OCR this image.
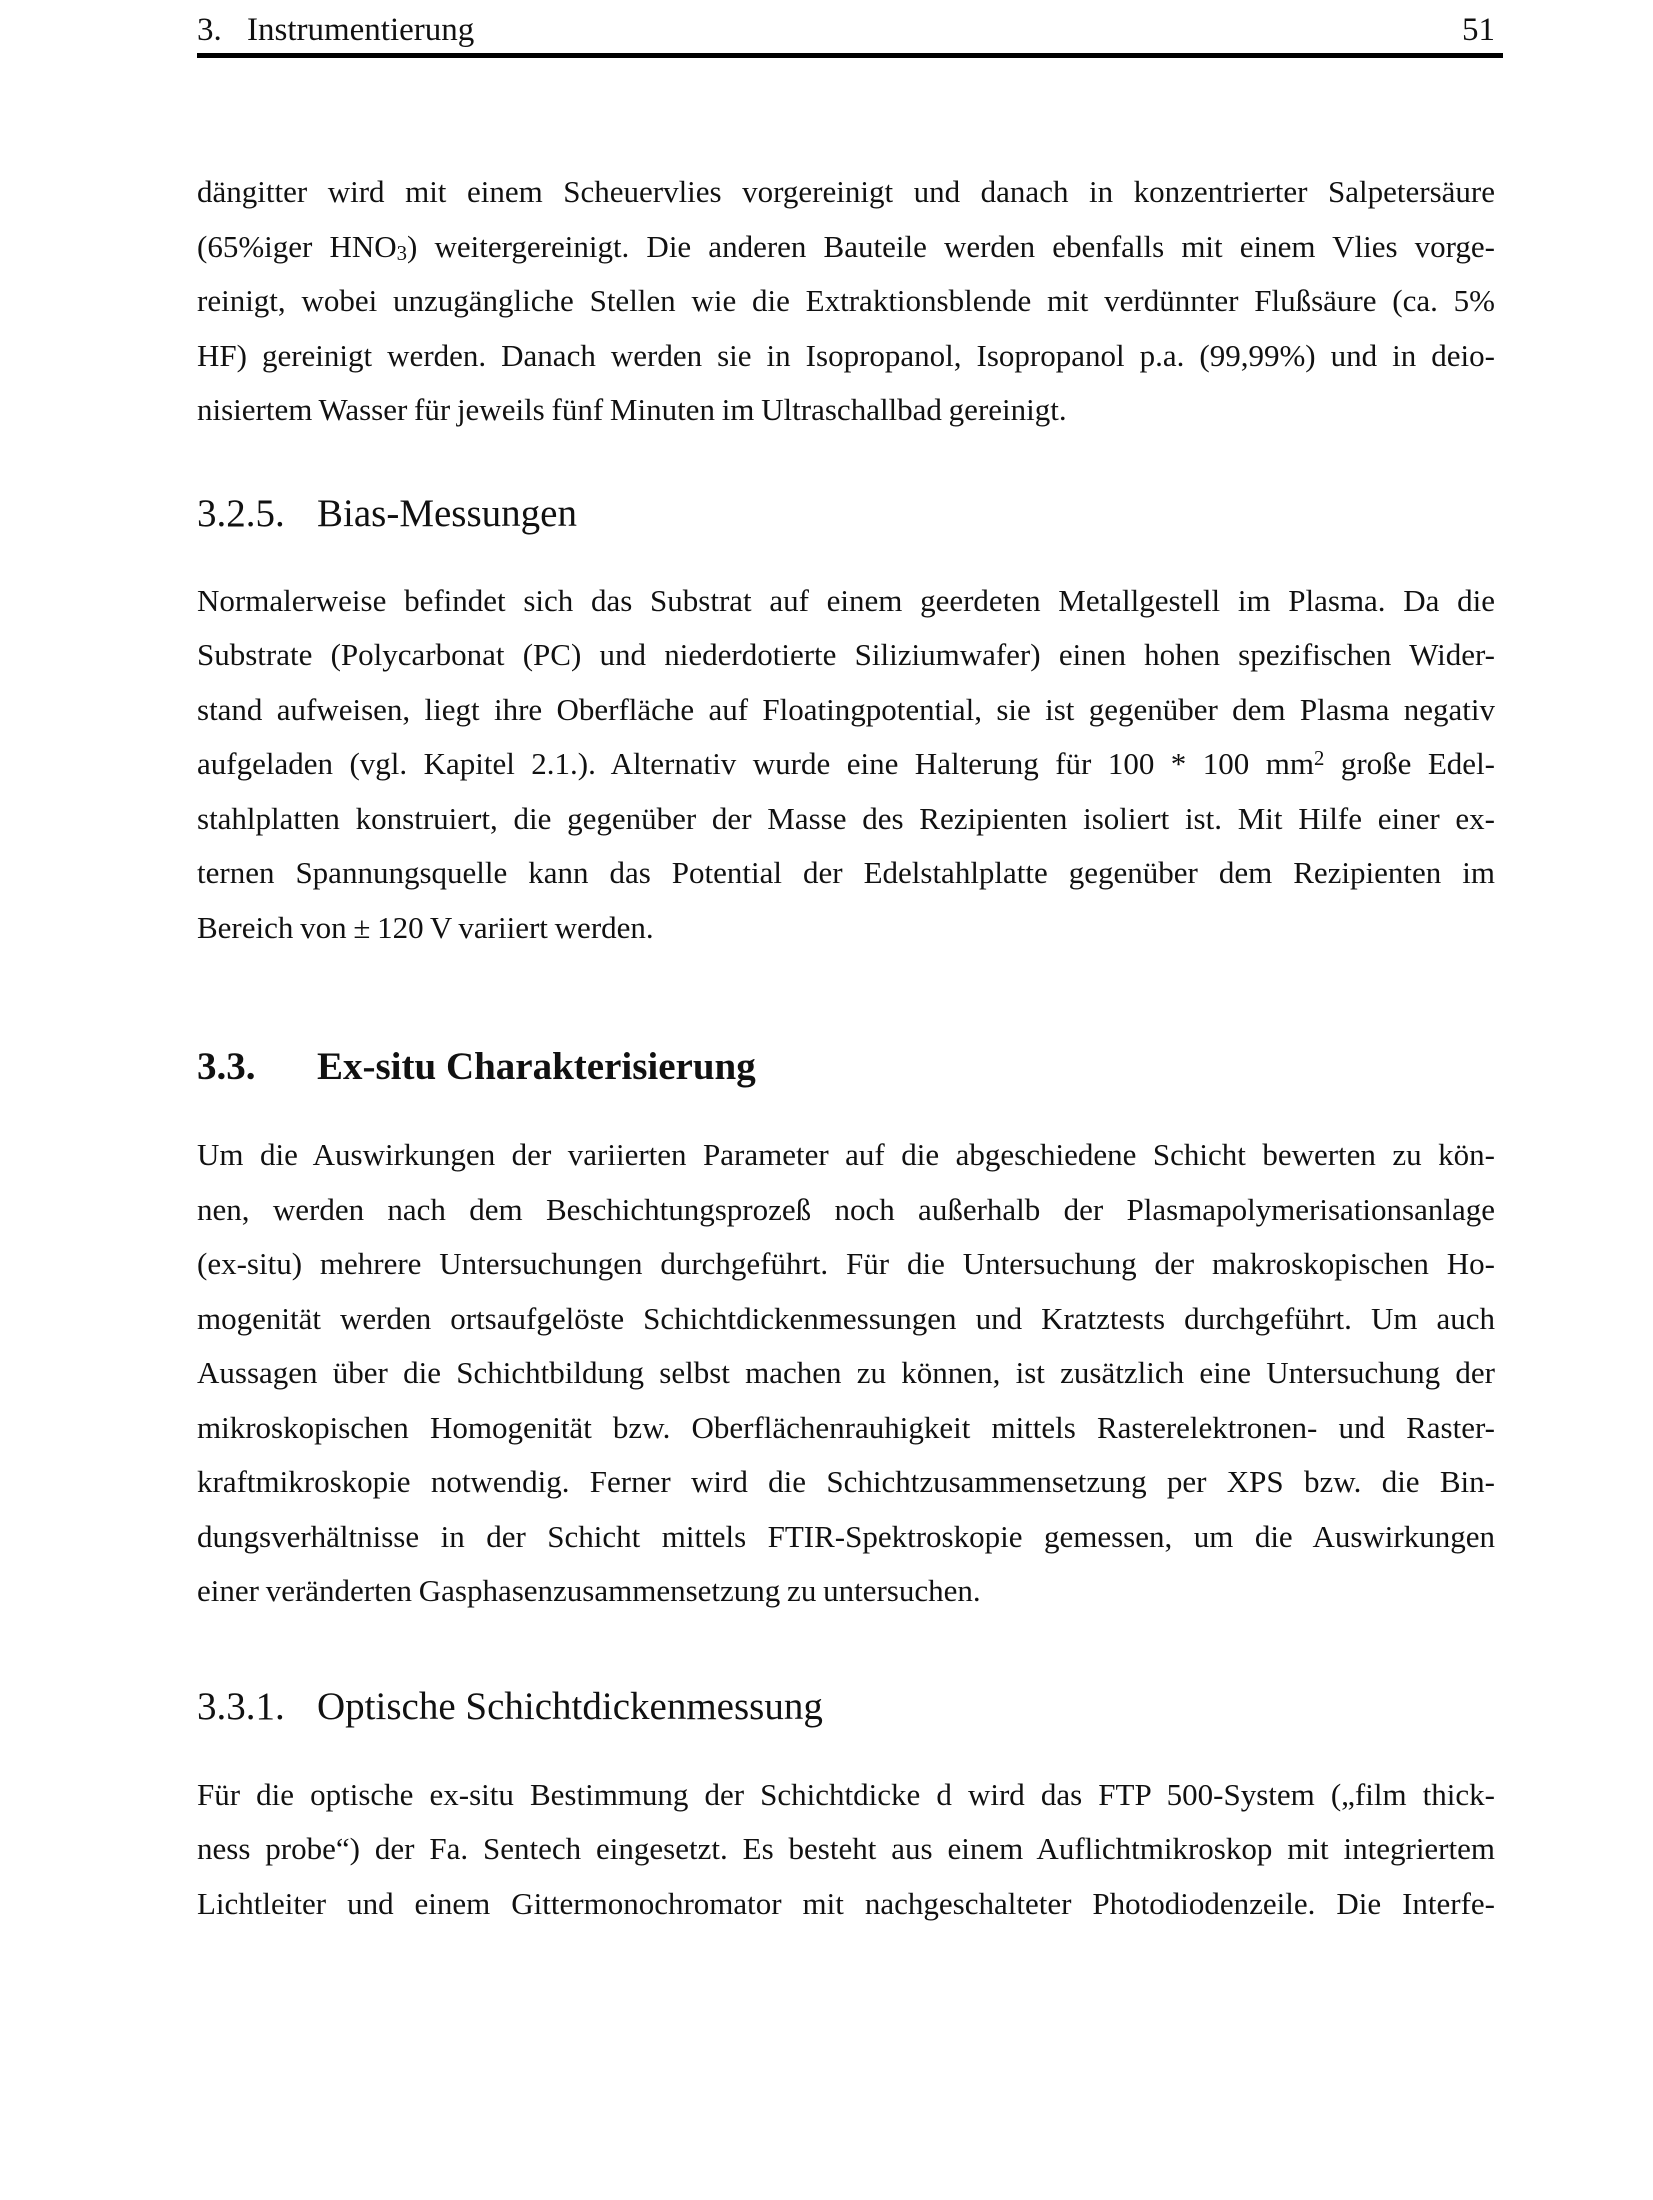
3. Instrumentierung	51
dängitter wird mit einem Scheuervlies vorgereinigt und danach in konzentrierter Salpetersäure
(65%iger $HNO_3$) weitergereinigt. Die anderen Bauteile werden ebenfalls mit einem Vlies vorge-
reinigt, wobei unzugängliche Stellen wie die Extraktionsblende mit verdünnter Flußsäure (ca. 5%
HF) gereinigt werden. Danach werden sie in Isopropanol, Isopropanol p.a. (99,99%) und in deio-
nisiertem Wasser für jeweils fünf Minuten im Ultraschallbad gereinigt.
3.2.5. Bias-Messungen
Normalerweise befindet sich das Substrat auf einem geerdeten Metallgestell im Plasma. Da die
Substrate (Polycarbonat (PC) und niederdotierte Siliziumwafer) einen hohen spezifischen Wider-
stand aufweisen, liegt ihre Oberfläche auf Floatingpotential, sie ist gegenüber dem Plasma negativ
aufgeladen (vgl. Kapitel 2.1.). Alternativ wurde eine Halterung für 100 * 100 $mm^2$ große Edel-
stahlplatten konstruiert, die gegenüber der Masse des Rezipienten isoliert ist. Mit Hilfe einer ex-
ternen Spannungsquelle kann das Potential der Edelstahlplatte gegenüber dem Rezipienten im
Bereich von ± 120 V variiert werden.
3.3. Ex-situ Charakterisierung
Um die Auswirkungen der variierten Parameter auf die abgeschiedene Schicht bewerten zu kön-
nen, werden nach dem Beschichtungsprozeß noch außerhalb der Plasmapolymerisationsanlage
(ex-situ) mehrere Untersuchungen durchgeführt. Für die Untersuchung der makroskopischen Ho-
mogenität werden ortsaufgelöste Schichtdickenmessungen und Kratztests durchgeführt. Um auch
Aussagen über die Schichtbildung selbst machen zu können, ist zusätzlich eine Untersuchung der
mikroskopischen Homogenität bzw. Oberflächenrauhigkeit mittels Rasterelektronen- und Raster-
kraftmikroskopie notwendig. Ferner wird die Schichtzusammensetzung per XPS bzw. die Bin-
dungsverhältnisse in der Schicht mittels FTIR-Spektroskopie gemessen, um die Auswirkungen
einer veränderten Gasphasenzusammensetzung zu untersuchen.
3.3.1. Optische Schichtdickenmessung
Für die optische ex-situ Bestimmung der Schichtdicke d wird das FTP 500-System („film thick-
ness probe“) der Fa. Sentech eingesetzt. Es besteht aus einem Auflichtmikroskop mit integriertem
Lichtleiter und einem Gittermonochromator mit nachgeschalteter Photodiodenzeile. Die Interfe-
